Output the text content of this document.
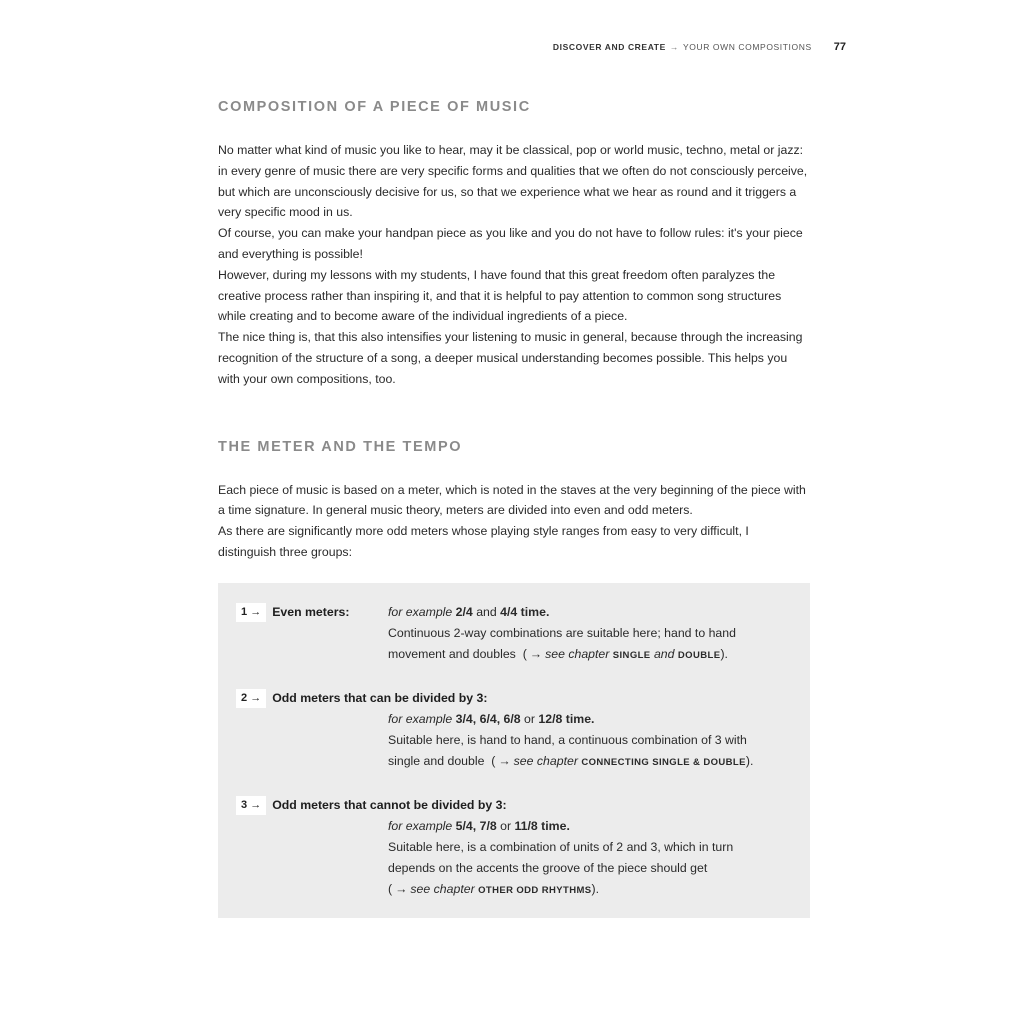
DISCOVER AND CREATE → YOUR OWN COMPOSITIONS 77
COMPOSITION OF A PIECE OF MUSIC

No matter what kind of music you like to hear, may it be classical, pop or world music, techno, metal or jazz: in every genre of music there are very specific forms and qualities that we often do not consciously perceive, but which are unconsciously decisive for us, so that we experience what we hear as round and it triggers a very specific mood in us.

Of course, you can make your handpan piece as you like and you do not have to follow rules: it's your piece and everything is possible!

However, during my lessons with my students, I have found that this great freedom often paralyzes the creative process rather than inspiring it, and that it is helpful to pay attention to common song structures while creating and to become aware of the individual ingredients of a piece.

The nice thing is, that this also intensifies your listening to music in general, because through the increasing recognition of the structure of a song, a deeper musical understanding becomes possible. This helps you with your own compositions, too.

THE METER AND THE TEMPO

Each piece of music is based on a meter, which is noted in the staves at the very beginning of the piece with a time signature. In general music theory, meters are divided into even and odd meters.

As there are significantly more odd meters whose playing style ranges from easy to very difficult, I distinguish three groups:

1 → Even meters:	for example 2/4 and 4/4 time.
Continuous 2-way combinations are suitable here; hand to hand
movement and doubles ( → see chapter SINGLE and DOUBLE).
2 → Odd meters that can be divided by 3:
for example 3/4, 6/4, 6/8 or 12/8 time.
Suitable here, is hand to hand, a continuous combination of 3 with
single and double ( → see chapter CONNECTING SINGLE & DOUBLE).
3 → Odd meters that cannot be divided by 3:
for example 5/4, 7/8 or 11/8 time.
Suitable here, is a combination of units of 2 and 3, which in turn
depends on the accents the groove of the piece should get
( → see chapter OTHER ODD RHYTHMS).
